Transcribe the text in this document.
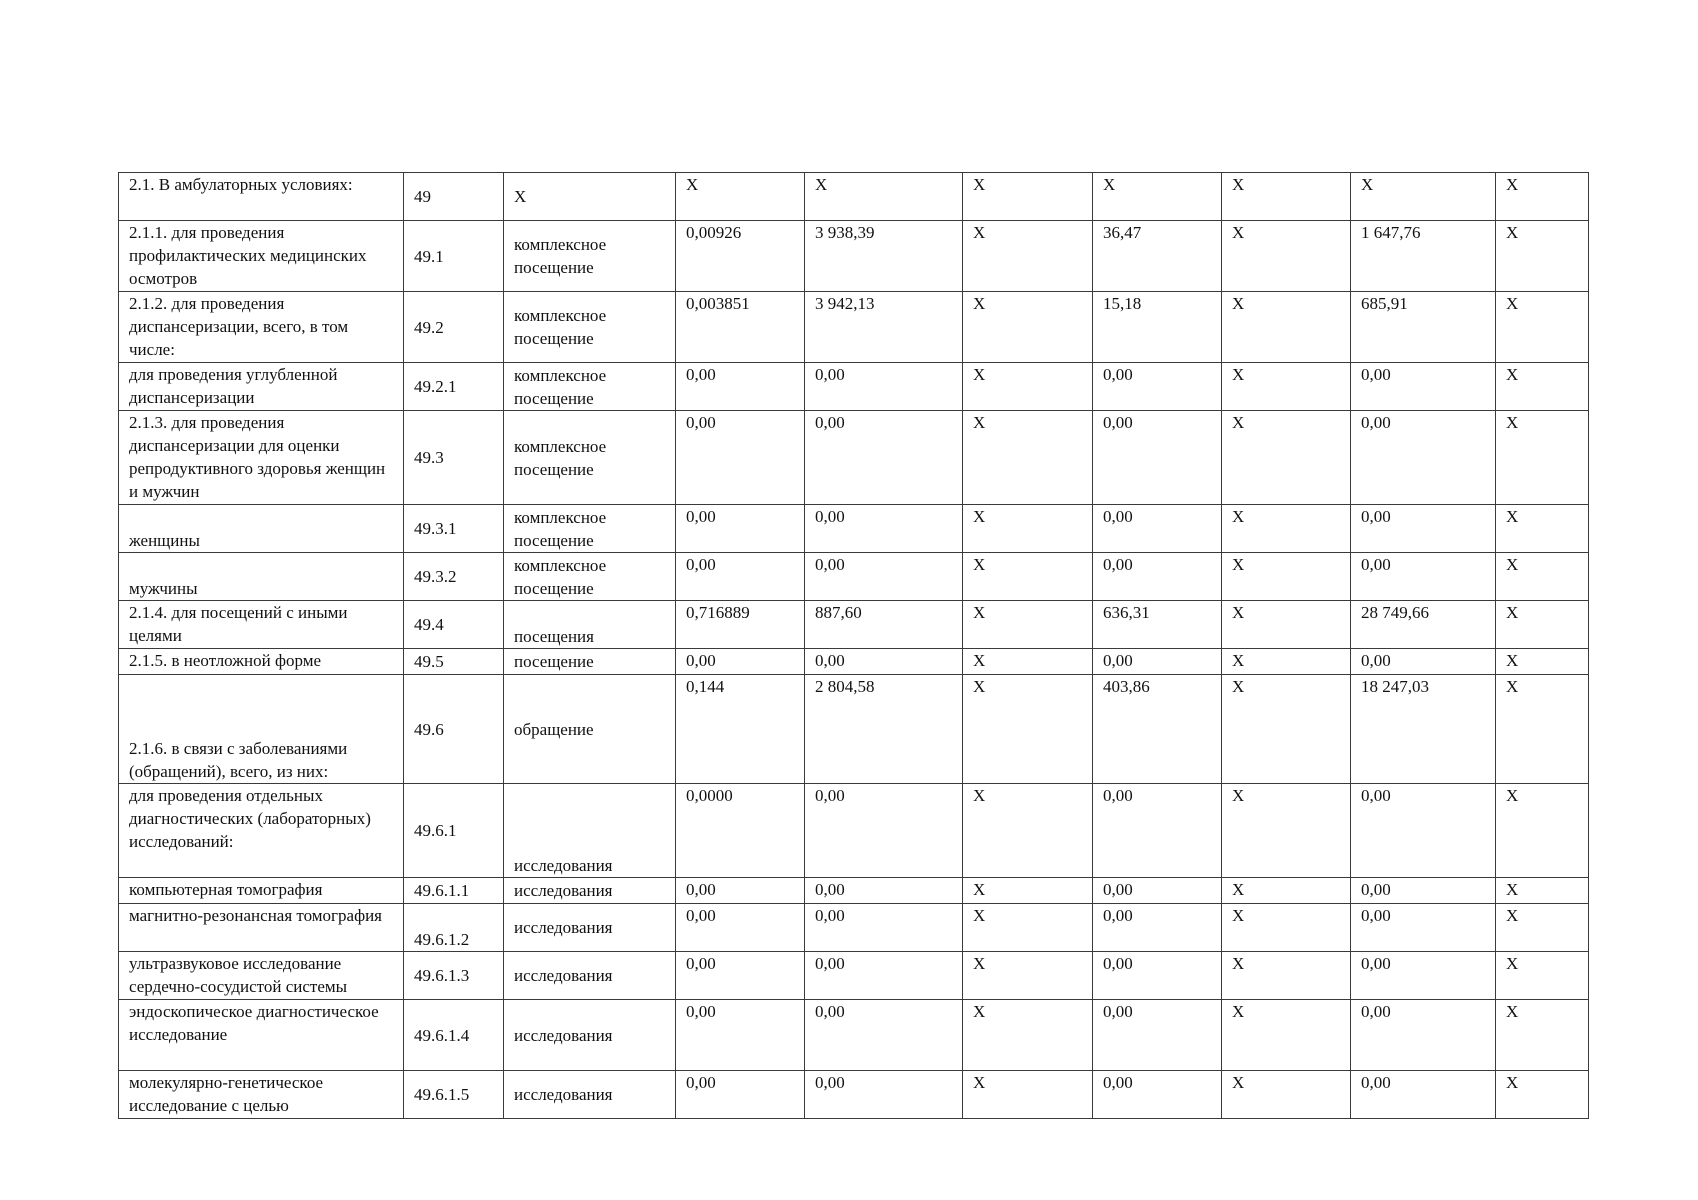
2.1. В амбулаторных условиях:	49	Х	Х	Х	Х	Х	Х	Х	Х
2.1.1. для проведения профилактических медицинских осмотров	49.1	комплексное посещение	0,00926	3 938,39	Х	36,47	Х	1 647,76	Х
2.1.2. для проведения диспансеризации, всего, в том числе:	49.2	комплексное посещение	0,003851	3 942,13	Х	15,18	Х	685,91	Х
для проведения углубленной диспансеризации	49.2.1	комплексное посещение	0,00	0,00	Х	0,00	Х	0,00	Х
2.1.3. для проведения диспансеризации для оценки репродуктивного здоровья женщин и мужчин	49.3	комплексное посещение	0,00	0,00	Х	0,00	Х	0,00	Х
женщины	49.3.1	комплексное посещение	0,00	0,00	Х	0,00	Х	0,00	Х
мужчины	49.3.2	комплексное посещение	0,00	0,00	Х	0,00	Х	0,00	Х
2.1.4. для посещений с иными целями	49.4	посещения	0,716889	887,60	Х	636,31	Х	28 749,66	Х
2.1.5. в неотложной форме	49.5	посещение	0,00	0,00	Х	0,00	Х	0,00	Х
2.1.6. в связи с заболеваниями (обращений), всего, из них:	49.6	обращение	0,144	2 804,58	Х	403,86	Х	18 247,03	Х
для проведения отдельных диагностических (лабораторных) исследований:	49.6.1	исследования	0,0000	0,00	Х	0,00	Х	0,00	Х
компьютерная томография	49.6.1.1	исследования	0,00	0,00	Х	0,00	Х	0,00	Х
магнитно-резонансная томография	49.6.1.2	исследования	0,00	0,00	Х	0,00	Х	0,00	Х
ультразвуковое исследование сердечно-сосудистой системы	49.6.1.3	исследования	0,00	0,00	Х	0,00	Х	0,00	Х
эндоскопическое диагностическое исследование	49.6.1.4	исследования	0,00	0,00	Х	0,00	Х	0,00	Х
молекулярно-генетическое исследование с целью	49.6.1.5	исследования	0,00	0,00	Х	0,00	Х	0,00	Х
